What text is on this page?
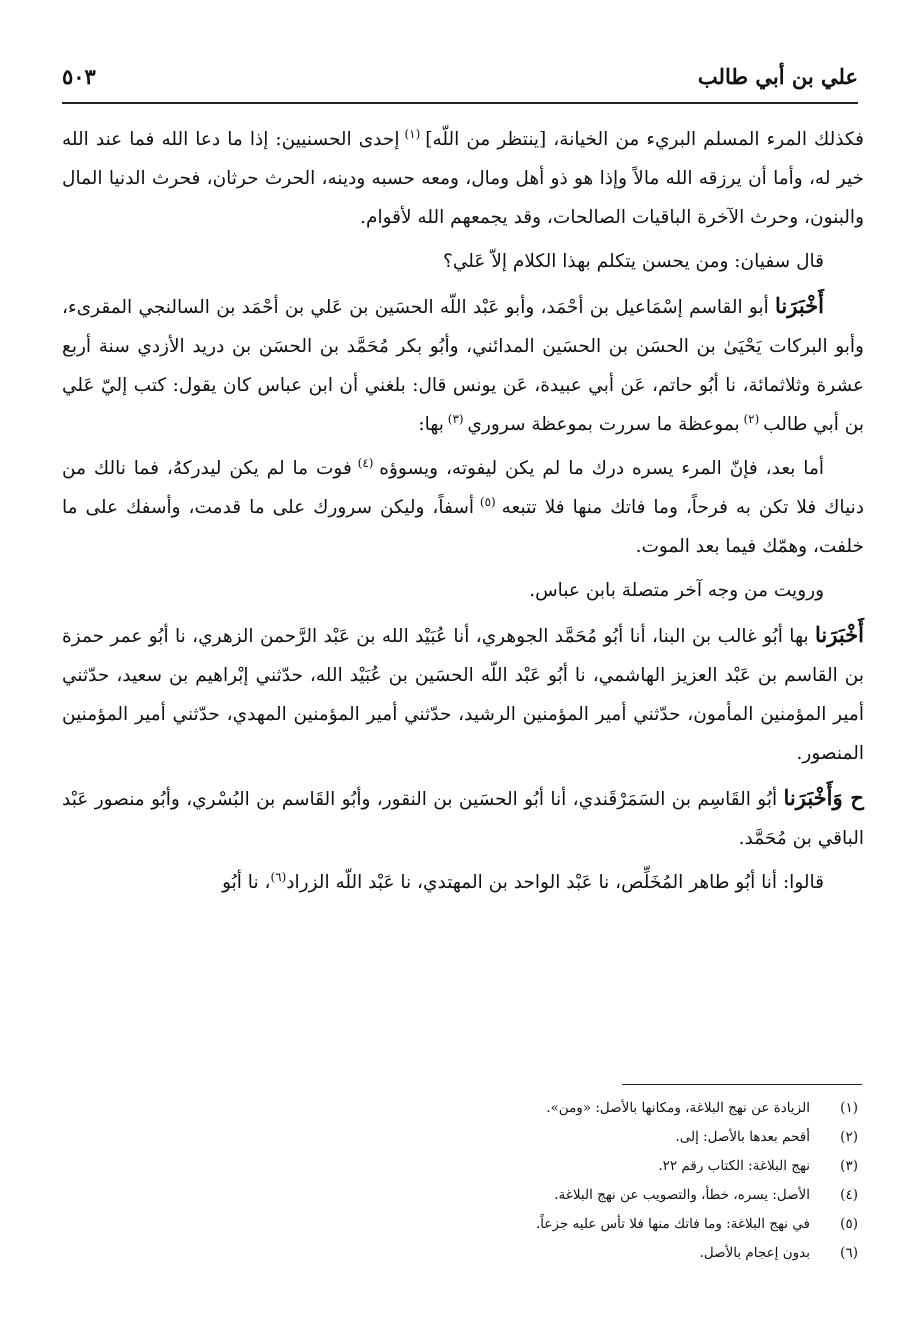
علي بن أبي طالب
٥٠٣

فكذلك المرء المسلم البريء من الخيانة، [ينتظر من اللّه] $^{(١)}$ إحدى الحسنيين: إذا ما دعا الله فما عند الله خير له، وأما أن يرزقه الله مالاً وإذا هو ذو أهل ومال، ومعه حسبه ودينه، الحرث حرثان، فحرث الدنيا المال والبنون، وحرث الآخرة الباقيات الصالحات، وقد يجمعهم الله لأقوام.

قال سفيان: ومن يحسن يتكلم بهذا الكلام إلاّ عَلي؟

أَخْبَرَنا أبو القاسم إسْمَاعيل بن أحْمَد، وأبو عَبْد اللّه الحسَين بن عَلي بن أحْمَد بن السالنجي المقرىء، وأبو البركات يَحْيَىٰ بن الحسَن بن الحسَين المدائني، وأبُو بكر مُحَمَّد بن الحسَن بن دريد الأزدي سنة أربع عشرة وثلاثمائة، نا أبُو حاتم، عَن أبي عبيدة، عَن يونس قال: بلغني أن ابن عباس كان يقول: كتب إليّ عَلي بن أبي طالب $^{(٢)}$ بموعظة ما سررت بموعظة سروري $^{(٣)}$ بها:

أما بعد، فإنّ المرء يسره درك ما لم يكن ليفوته، ويسوؤه $^{(٤)}$ فوت ما لم يكن ليدركهُ، فما نالك من دنياك فلا تكن به فرحاً، وما فاتك منها فلا تتبعه $^{(٥)}$ أسفاً، وليكن سرورك على ما قدمت، وأسفك على ما خلفت، وهمّك فيما بعد الموت.

ورويت من وجه آخر متصلة بابن عباس.

أَخْبَرَنا بها أبُو غالب بن البنا، أنا أبُو مُحَمَّد الجوهري، أنا عُبَيْد الله بن عَبْد الرَّحمن الزهري، نا أبُو عمر حمزة بن القاسم بن عَبْد العزيز الهاشمي، نا أبُو عَبْد اللّه الحسَين بن عُبَيْد الله، حدّثني إبْراهيم بن سعيد، حدّثني أمير المؤمنين المأمون، حدّثني أمير المؤمنين الرشيد، حدّثني أمير المؤمنين المهدي، حدّثني أمير المؤمنين المنصور.

ح وَأَخْبَرَنا أبُو القَاسِم بن السَمَرْقَندي، أنا أبُو الحسَين بن النقور، وأبُو القَاسم بن البُسْري، وأبُو منصور عَبْد الباقي بن مُحَمَّد.

قالوا: أنا أبُو طاهر المُخَلِّص، نا عَبْد الواحد بن المهتدي، نا عَبْد اللّه الزراد$^{(٦)}$، نا أبُو

(١)
الزيادة عن نهج البلاغة، ومكانها بالأصل: «ومن».
(٢)
أقحم بعدها بالأصل: إلى.
(٣)
نهج البلاغة: الكتاب رقم ٢٢.
(٤)
الأصل: يسره، خطأ، والتصويب عن نهج البلاغة.
(٥)
في نهج البلاغة: وما فاتك منها فلا تأس عليه جزعاً.
(٦)
بدون إعجام بالأصل.
